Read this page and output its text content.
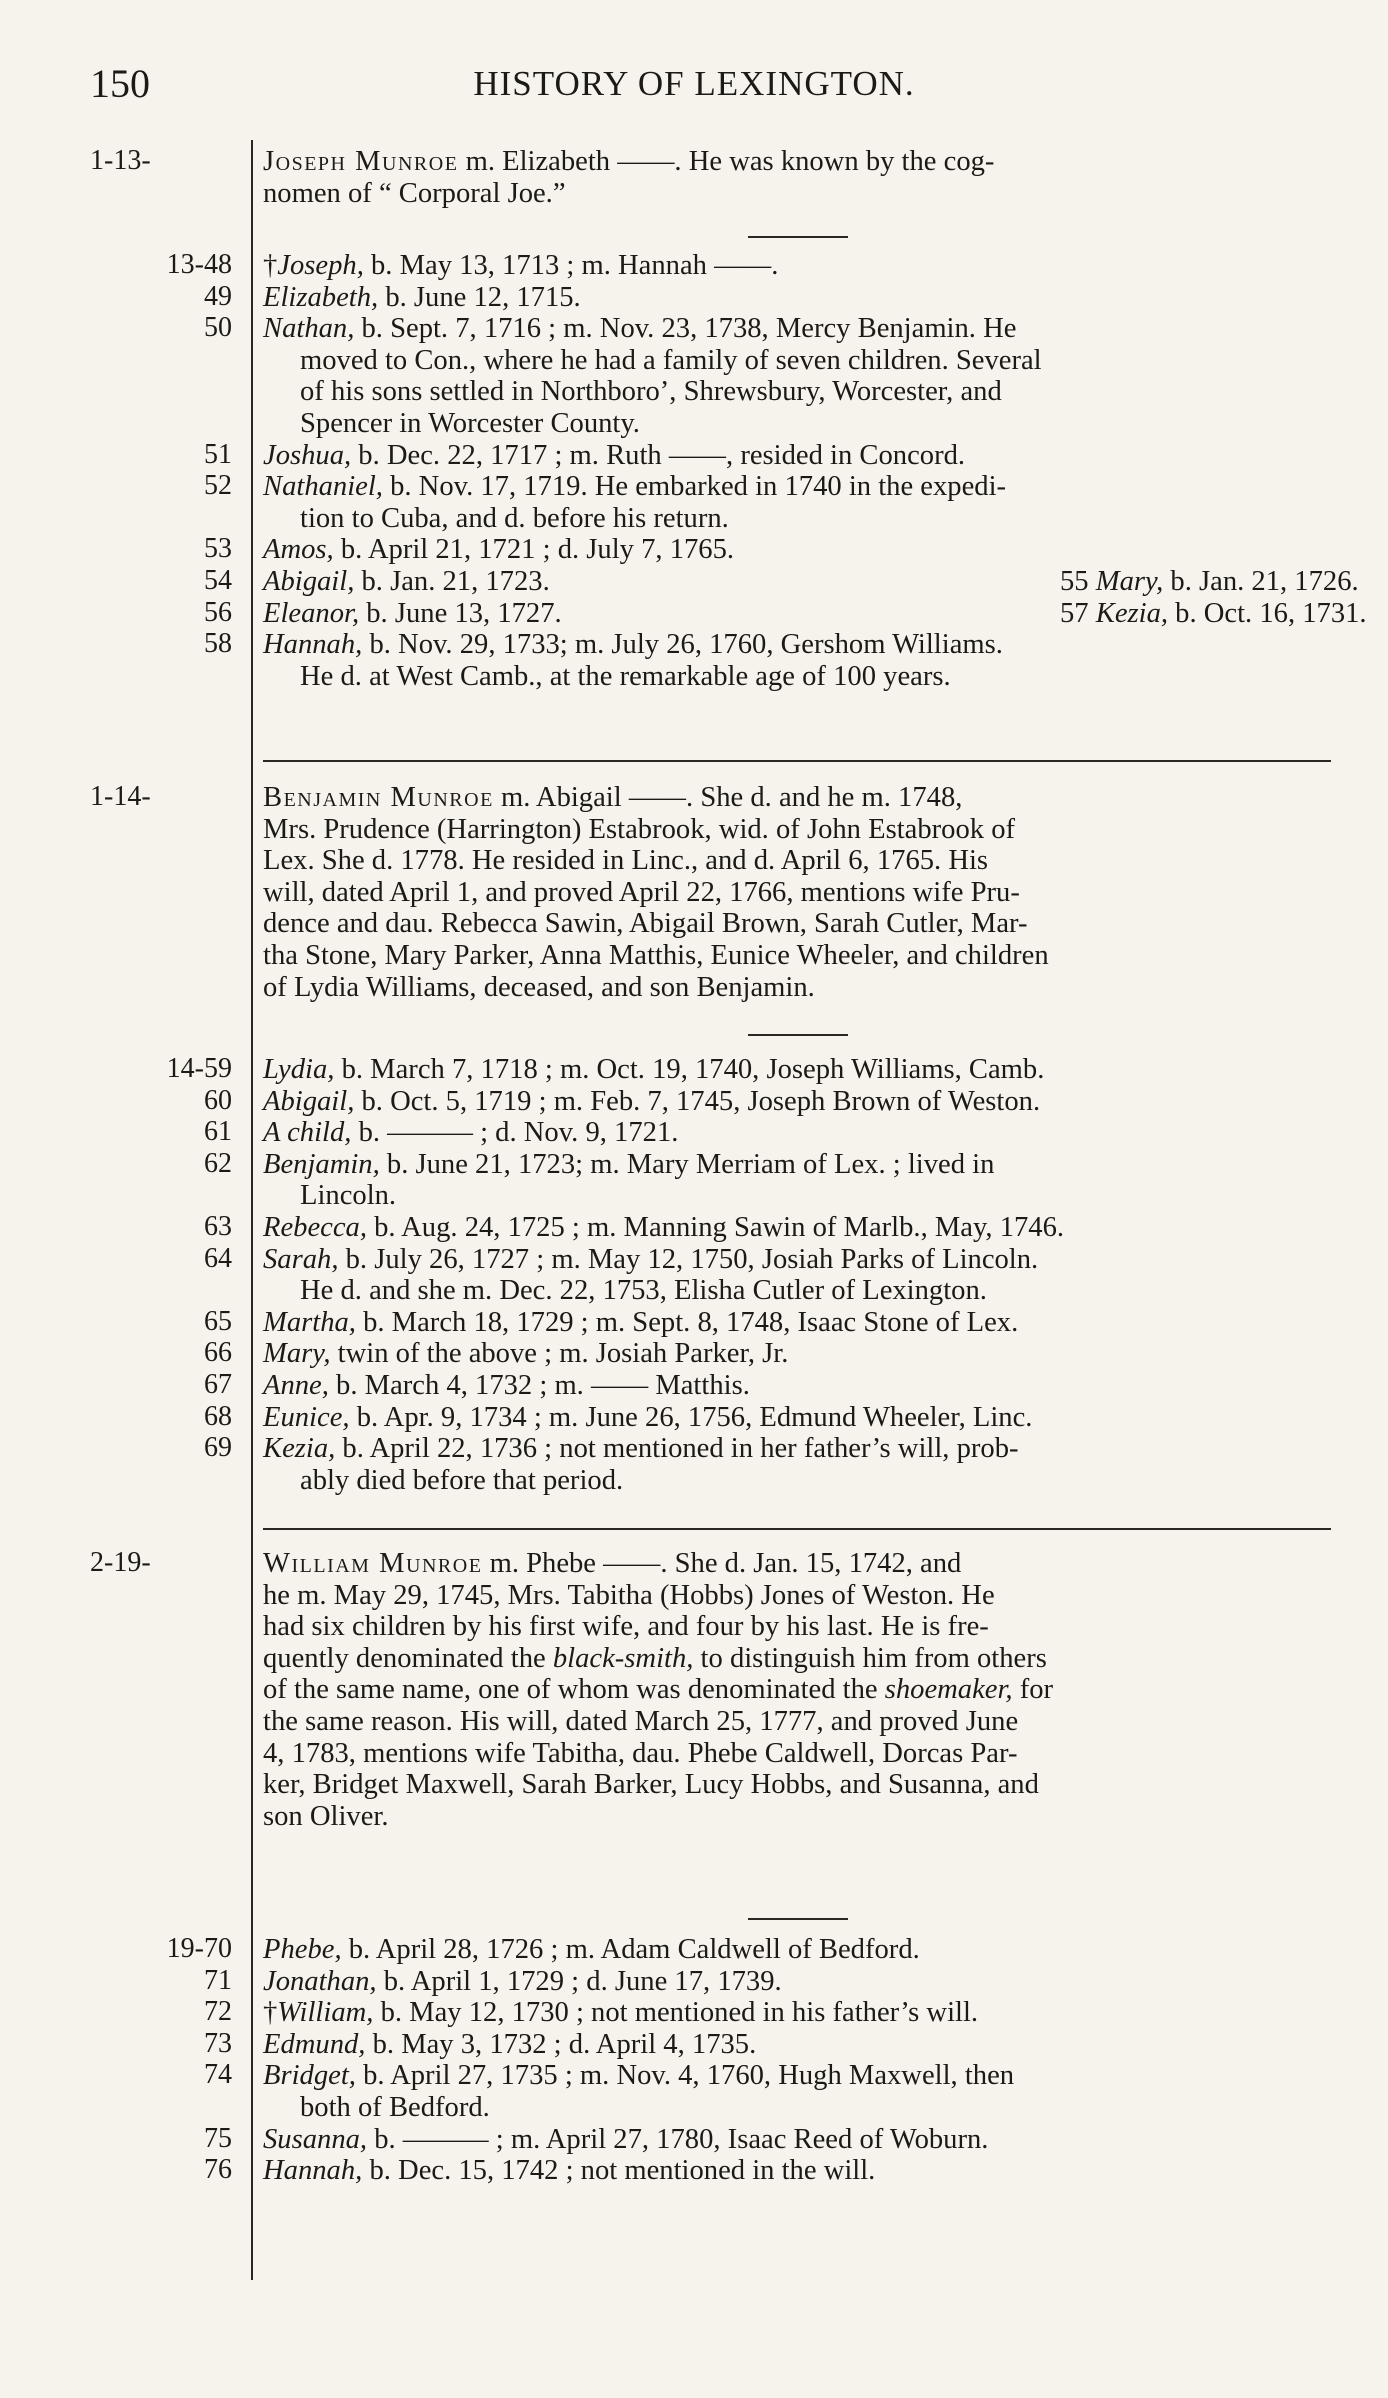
150	HISTORY OF LEXINGTON.
1-13-	Joseph Munroe m. Elizabeth ——. He was known by the cog-
nomen of “ Corporal Joe.”
13-48 †Joseph, b. May 13, 1713 ; m. Hannah ——.
49 Elizabeth, b. June 12, 1715.
50 Nathan, b. Sept. 7, 1716 ; m. Nov. 23, 1738, Mercy Benjamin. He
moved to Con., where he had a family of seven children. Several
of his sons settled in Northboro’, Shrewsbury, Worcester, and
Spencer in Worcester County.
51 Joshua, b. Dec. 22, 1717 ; m. Ruth ——, resided in Concord.
52 Nathaniel, b. Nov. 17, 1719. He embarked in 1740 in the expedi-
tion to Cuba, and d. before his return.
53 Amos, b. April 21, 1721 ; d. July 7, 1765.
54 Abigail, b. Jan. 21, 1723.	55 Mary, b. Jan. 21, 1726.
56 Eleanor, b. June 13, 1727.	57 Kezia, b. Oct. 16, 1731.
58 Hannah, b. Nov. 29, 1733; m. July 26, 1760, Gershom Williams.
He d. at West Camb., at the remarkable age of 100 years.
1-14-	Benjamin Munroe m. Abigail ——. She d. and he m. 1748,
Mrs. Prudence (Harrington) Estabrook, wid. of John Estabrook of
Lex. She d. 1778. He resided in Linc., and d. April 6, 1765. His
will, dated April 1, and proved April 22, 1766, mentions wife Pru-
dence and dau. Rebecca Sawin, Abigail Brown, Sarah Cutler, Mar-
tha Stone, Mary Parker, Anna Matthis, Eunice Wheeler, and children
of Lydia Williams, deceased, and son Benjamin.
14-59 Lydia, b. March 7, 1718 ; m. Oct. 19, 1740, Joseph Williams, Camb.
60 Abigail, b. Oct. 5, 1719 ; m. Feb. 7, 1745, Joseph Brown of Weston.
61 A child, b. ——— ; d. Nov. 9, 1721.
62 Benjamin, b. June 21, 1723; m. Mary Merriam of Lex. ; lived in
Lincoln.
63 Rebecca, b. Aug. 24, 1725 ; m. Manning Sawin of Marlb., May, 1746.
64 Sarah, b. July 26, 1727 ; m. May 12, 1750, Josiah Parks of Lincoln.
He d. and she m. Dec. 22, 1753, Elisha Cutler of Lexington.
65 Martha, b. March 18, 1729 ; m. Sept. 8, 1748, Isaac Stone of Lex.
66 Mary, twin of the above ; m. Josiah Parker, Jr.
67 Anne, b. March 4, 1732 ; m. —— Matthis.
68 Eunice, b. Apr. 9, 1734 ; m. June 26, 1756, Edmund Wheeler, Linc.
69 Kezia, b. April 22, 1736 ; not mentioned in her father’s will, prob-
ably died before that period.
2-19-	William Munroe m. Phebe ——. She d. Jan. 15, 1742, and
he m. May 29, 1745, Mrs. Tabitha (Hobbs) Jones of Weston. He
had six children by his first wife, and four by his last. He is fre-
quently denominated the black-smith, to distinguish him from others
of the same name, one of whom was denominated the shoemaker, for
the same reason. His will, dated March 25, 1777, and proved June
4, 1783, mentions wife Tabitha, dau. Phebe Caldwell, Dorcas Par-
ker, Bridget Maxwell, Sarah Barker, Lucy Hobbs, and Susanna, and
son Oliver.
19-70 Phebe, b. April 28, 1726 ; m. Adam Caldwell of Bedford.
71 Jonathan, b. April 1, 1729 ; d. June 17, 1739.
72 †William, b. May 12, 1730 ; not mentioned in his father’s will.
73 Edmund, b. May 3, 1732 ; d. April 4, 1735.
74 Bridget, b. April 27, 1735 ; m. Nov. 4, 1760, Hugh Maxwell, then
both of Bedford.
75 Susanna, b. ——— ; m. April 27, 1780, Isaac Reed of Woburn.
76 Hannah, b. Dec. 15, 1742 ; not mentioned in the will.
